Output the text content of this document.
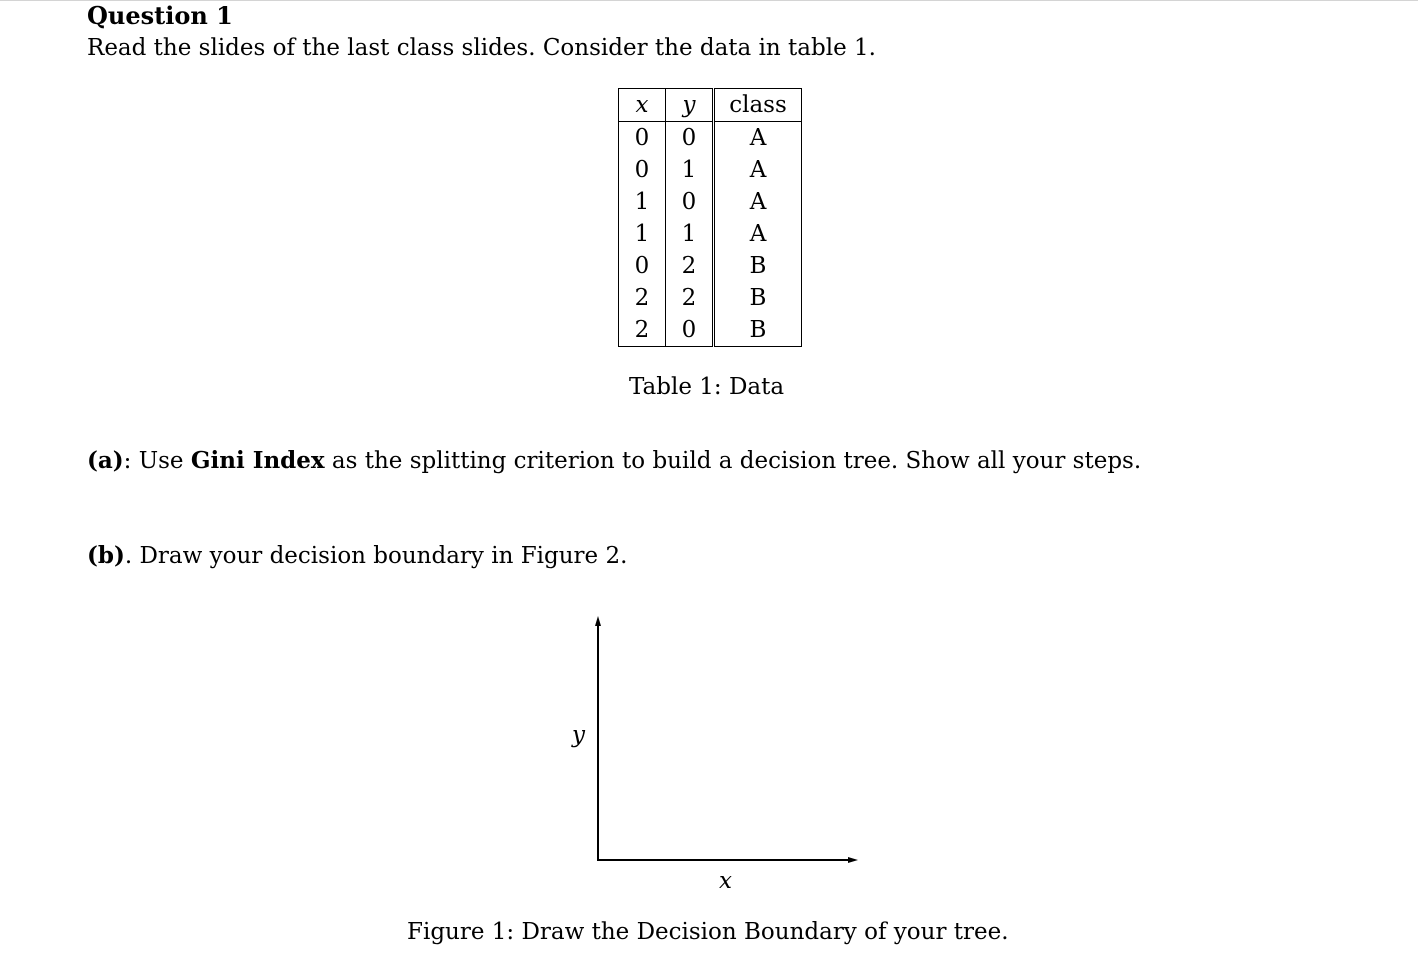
Question 1
Read the slides of the last class slides. Consider the data in table 1.
x	y	class
0	0	A
0	1	A
1	0	A
1	1	A
0	2	B
2	2	B
2	0	B
Table 1: Data
(a): Use Gini Index as the splitting criterion to build a decision tree. Show all your steps.
(b). Draw your decision boundary in Figure 2.
y
x
Figure 1: Draw the Decision Boundary of your tree.
